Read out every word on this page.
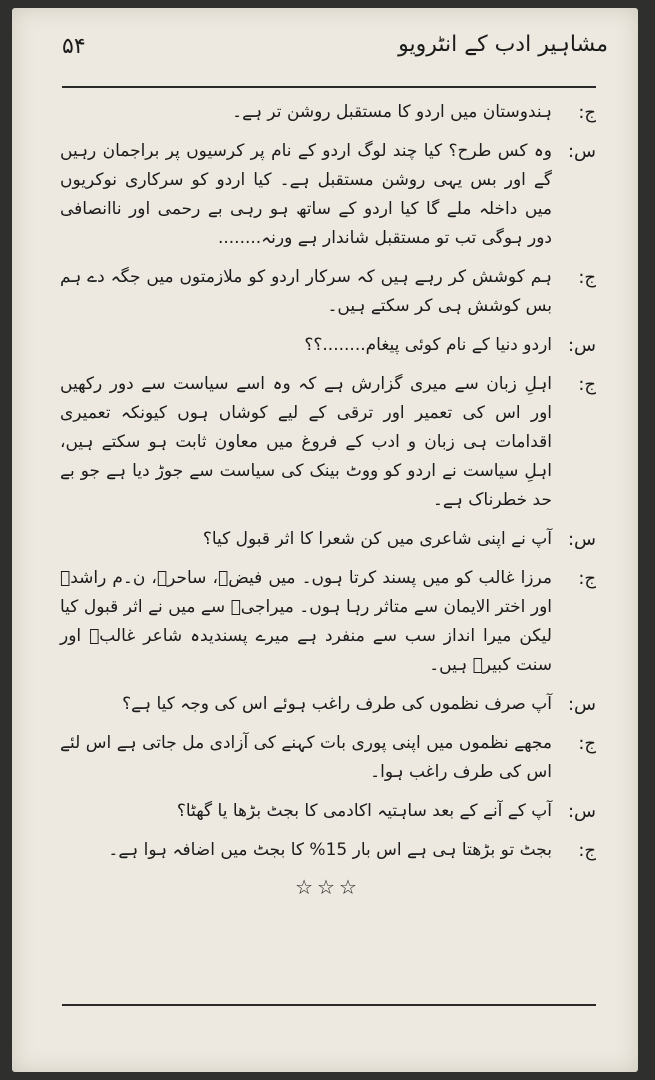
مشاہیر ادب کے انٹرویو
۵۴
ج:
ہندوستان میں اردو کا مستقبل روشن تر ہے۔
س:
وہ کس طرح؟ کیا چند لوگ اردو کے نام پر کرسیوں پر براجمان رہیں گے اور بس یہی روشن مستقبل ہے۔ کیا اردو کو سرکاری نوکریوں میں داخلہ ملے گا کیا اردو کے ساتھ ہو رہی بے رحمی اور ناانصافی دور ہوگی تب تو مستقبل شاندار ہے ورنہ........
ج:
ہم کوشش کر رہے ہیں کہ سرکار اردو کو ملازمتوں میں جگہ دے ہم بس کوشش ہی کر سکتے ہیں۔
س:
اردو دنیا کے نام کوئی پیغام........؟؟
ج:
اہلِ زبان سے میری گزارش ہے کہ وہ اسے سیاست سے دور رکھیں اور اس کی تعمیر اور ترقی کے لیے کوشاں ہوں کیونکہ تعمیری اقدامات ہی زبان و ادب کے فروغ میں معاون ثابت ہو سکتے ہیں، اہلِ سیاست نے اردو کو ووٹ بینک کی سیاست سے جوڑ دیا ہے جو بے حد خطرناک ہے۔
س:
آپ نے اپنی شاعری میں کن شعرا کا اثر قبول کیا؟
ج:
مرزا غالب کو میں پسند کرتا ہوں۔ میں فیضؔ، ساحرؔ، ن۔م راشدؔ اور اختر الایمان سے متاثر رہا ہوں۔ میراجیؔ سے میں نے اثر قبول کیا لیکن میرا انداز سب سے منفرد ہے میرے پسندیدہ شاعر غالبؔ اور سنت کبیرؔ ہیں۔
س:
آپ صرف نظموں کی طرف راغب ہوئے اس کی وجہ کیا ہے؟
ج:
مجھے نظموں میں اپنی پوری بات کہنے کی آزادی مل جاتی ہے اس لئے اس کی طرف راغب ہوا۔
س:
آپ کے آنے کے بعد ساہتیہ اکادمی کا بجٹ بڑھا یا گھٹا؟
ج:
بجٹ تو بڑھتا ہی ہے اس بار 15% کا بجٹ میں اضافہ ہوا ہے۔
☆☆☆
